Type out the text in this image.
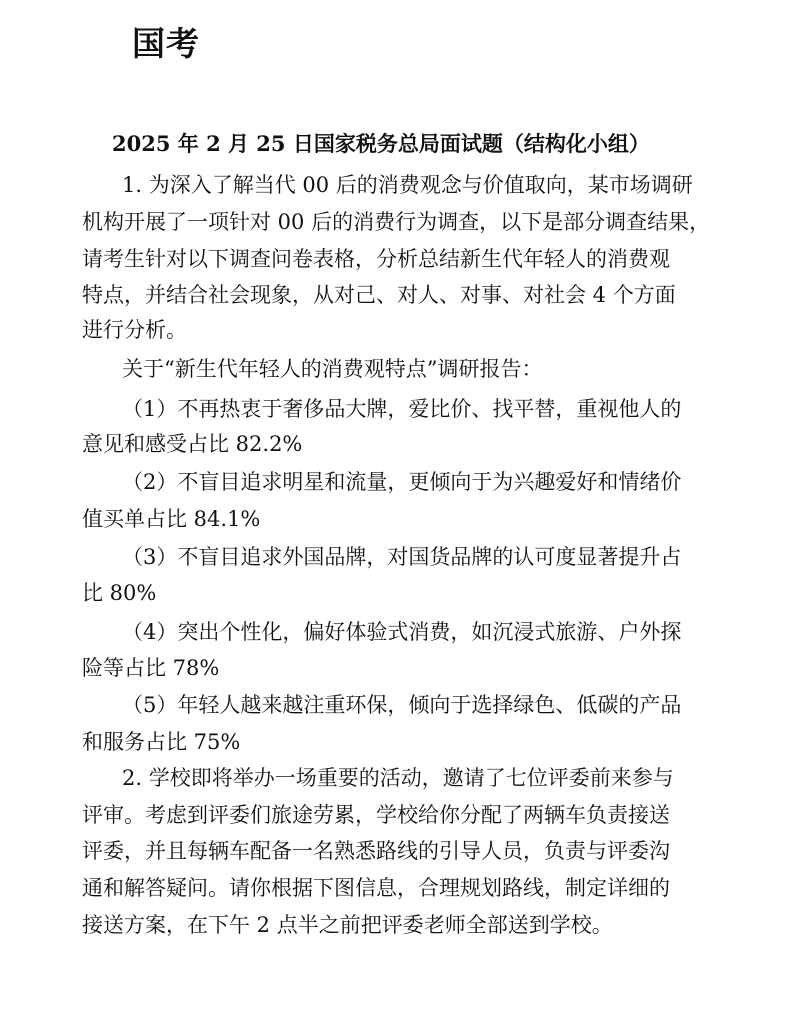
国考
2025 年 2 月 25 日国家税务总局面试题（结构化小组）
1. 为深入了解当代 00 后的消费观念与价值取向，某市场调研
机构开展了一项针对 00 后的消费行为调查，以下是部分调查结果，
请考生针对以下调查问卷表格，分析总结新生代年轻人的消费观
特点，并结合社会现象，从对己、对人、对事、对社会 4 个方面
进行分析。
关于“新生代年轻人的消费观特点”调研报告：
（1）不再热衷于奢侈品大牌，爱比价、找平替，重视他人的
意见和感受占比 82.2%
（2）不盲目追求明星和流量，更倾向于为兴趣爱好和情绪价
值买单占比 84.1%
（3）不盲目追求外国品牌，对国货品牌的认可度显著提升占
比 80%
（4）突出个性化，偏好体验式消费，如沉浸式旅游、户外探
险等占比 78%
（5）年轻人越来越注重环保，倾向于选择绿色、低碳的产品
和服务占比 75%
2. 学校即将举办一场重要的活动，邀请了七位评委前来参与
评审。考虑到评委们旅途劳累，学校给你分配了两辆车负责接送
评委，并且每辆车配备一名熟悉路线的引导人员，负责与评委沟
通和解答疑问。请你根据下图信息，合理规划路线，制定详细的
接送方案，在下午 2 点半之前把评委老师全部送到学校。
